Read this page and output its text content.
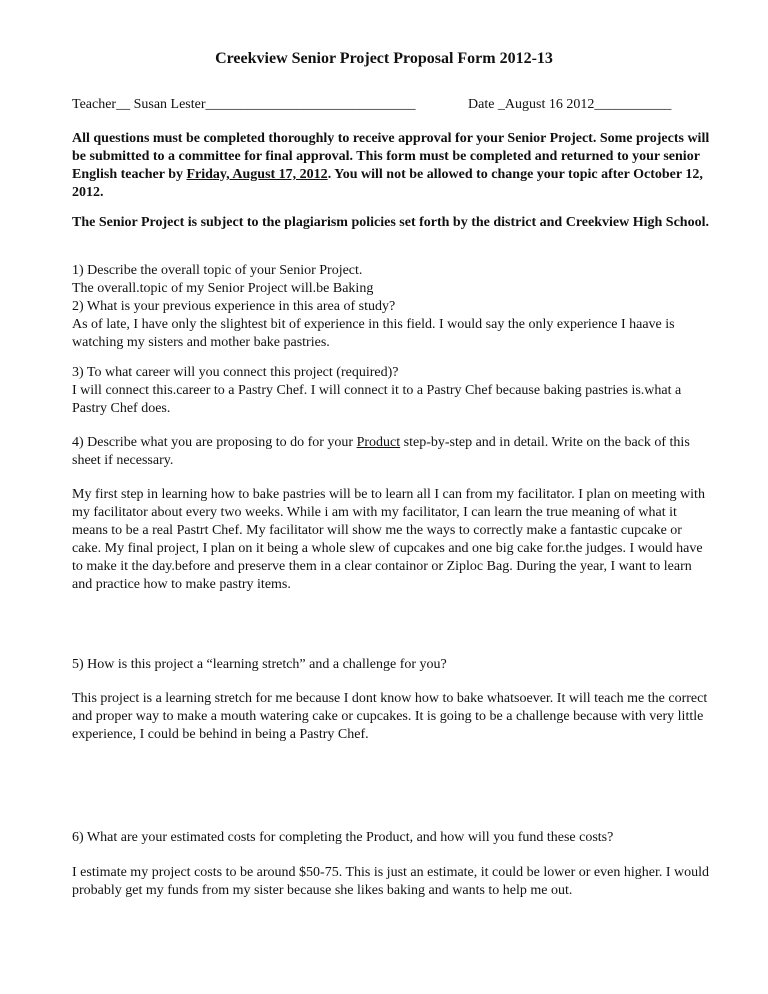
Creekview Senior Project Proposal Form 2012-13
Teacher__ Susan Lester______________________________	Date _August 16 2012___________

All questions must be completed thoroughly to receive approval for your Senior Project. Some projects will be submitted to a committee for final approval. This form must be completed and returned to your senior English teacher by Friday, August 17, 2012. You will not be allowed to change your topic after October 12, 2012.

The Senior Project is subject to the plagiarism policies set forth by the district and Creekview High School.

1) Describe the overall topic of your Senior Project.

The overall.topic of my Senior Project will.be Baking

2) What is your previous experience in this area of study?

As of late, I have only the slightest bit of experience in this field. I would say the only experience I haave is watching my sisters and mother bake pastries.

3) To what career will you connect this project (required)?

I will connect this.career to a Pastry Chef. I will connect it to a Pastry Chef because baking pastries is.what a Pastry Chef does.

4) Describe what you are proposing to do for your Product step-by-step and in detail. Write on the back of this sheet if necessary.

My first step in learning how to bake pastries will be to learn all I can from my facilitator. I plan on meeting with my facilitator about every two weeks. While i am with my facilitator, I can learn the true meaning of what it means to be a real Pastrt Chef. My facilitator will show me the ways to correctly make a fantastic cupcake or cake. My final project, I plan on it being a whole slew of cupcakes and one big cake for.the judges. I would have to make it the day.before and preserve them in a clear containor or Ziploc Bag. During the year, I want to learn and practice how to make pastry items.

5) How is this project a “learning stretch” and a challenge for you?

This project is a learning stretch for me because I dont know how to bake whatsoever. It will teach me the correct and proper way to make a mouth watering cake or cupcakes. It is going to be a challenge because with very little experience, I could be behind in being a Pastry Chef.

6) What are your estimated costs for completing the Product, and how will you fund these costs?

I estimate my project costs to be around $50-75. This is just an estimate, it could be lower or even higher. I would probably get my funds from my sister because she likes baking and wants to help me out.
